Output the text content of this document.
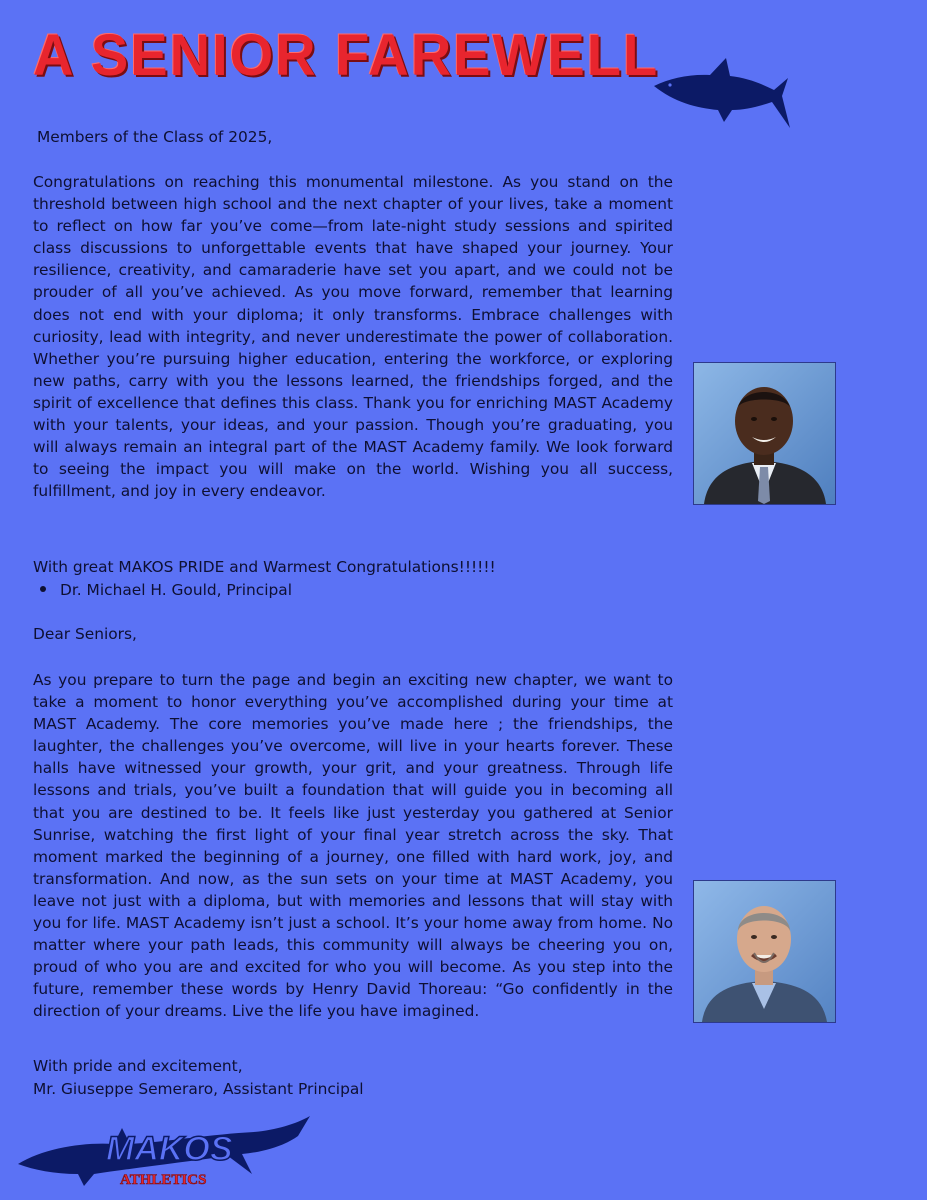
A SENIOR FAREWELL

Members of the Class of 2025,

Congratulations on reaching this monumental milestone. As you stand on the threshold between high school and the next chapter of your lives, take a moment to reflect on how far you’ve come—from late-night study sessions and spirited class discussions to unforgettable events that have shaped your journey. Your resilience, creativity, and camaraderie have set you apart, and we could not be prouder of all you’ve achieved. As you move forward, remember that learning does not end with your diploma; it only transforms. Embrace challenges with curiosity, lead with integrity, and never underestimate the power of collaboration. Whether you’re pursuing higher education, entering the workforce, or exploring new paths, carry with you the lessons learned, the friendships forged, and the spirit of excellence that defines this class. Thank you for enriching MAST Academy with your talents, your ideas, and your passion. Though you’re graduating, you will always remain an integral part of the MAST Academy family. We look forward to seeing the impact you will make on the world. Wishing you all success, fulfillment, and joy in every endeavor.

With great MAKOS PRIDE and Warmest Congratulations!!!!!!

Dr. Michael H. Gould, Principal

Dear Seniors,

As you prepare to turn the page and begin an exciting new chapter, we want to take a moment to honor everything you’ve accomplished during your time at MAST Academy. The core memories you’ve made here ; the friendships, the laughter, the challenges you’ve overcome, will live in your hearts forever. These halls have witnessed your growth, your grit, and your greatness. Through life lessons and trials, you’ve built a foundation that will guide you in becoming all that you are destined to be. It feels like just yesterday you gathered at Senior Sunrise, watching the first light of your final year stretch across the sky. That moment marked the beginning of a journey, one filled with hard work, joy, and transformation. And now, as the sun sets on your time at MAST Academy, you leave not just with a diploma, but with memories and lessons that will stay with you for life. MAST Academy isn’t just a school. It’s your home away from home. No matter where your path leads, this community will always be cheering you on, proud of who you are and excited for who you will become. As you step into the future, remember these words by Henry David Thoreau: “Go confidently in the direction of your dreams. Live the life you have imagined.

With pride and excitement,

Mr. Giuseppe Semeraro, Assistant Principal

MAKOS
ATHLETICS
